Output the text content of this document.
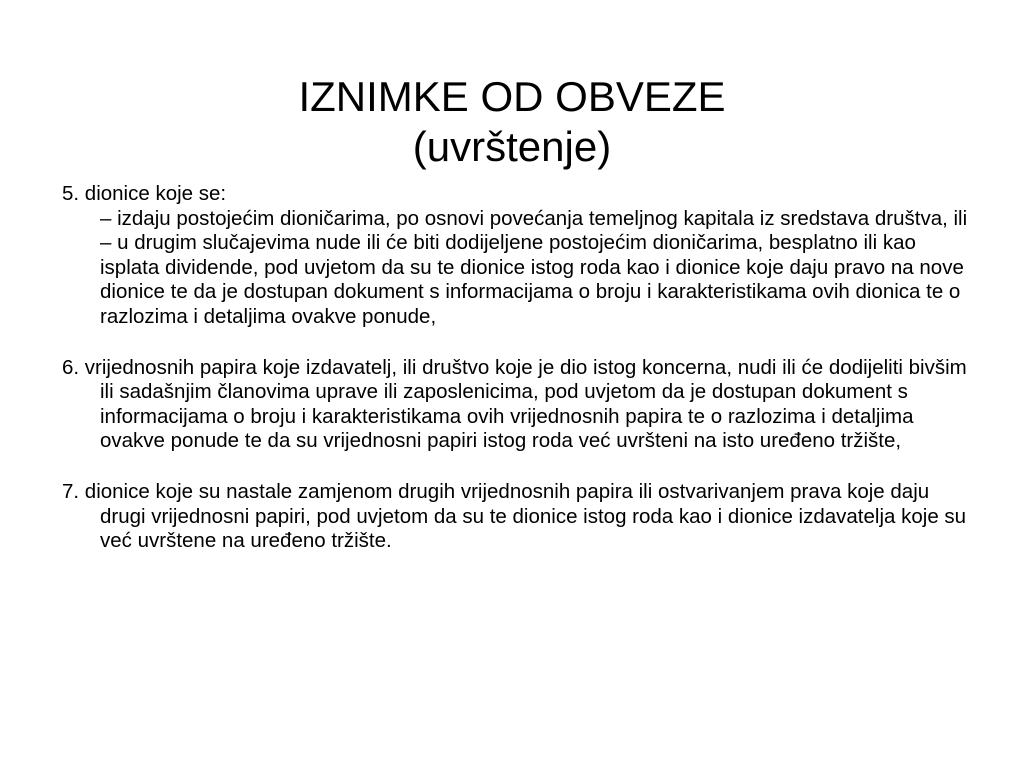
IZNIMKE OD OBVEZE
(uvrštenje)

5. dionice koje se:

– izdaju postojećim dioničarima, po osnovi povećanja temeljnog kapitala iz sredstava društva, ili

– u drugim slučajevima nude ili će biti dodijeljene postojećim dioničarima, besplatno ili kao isplata dividende, pod uvjetom da su te dionice istog roda kao i dionice koje daju pravo na nove dionice te da je dostupan dokument s informacijama o broju i karakteristikama ovih dionica te o razlozima i detaljima ovakve ponude,

6. vrijednosnih papira koje izdavatelj, ili društvo koje je dio istog koncerna, nudi ili će dodijeliti bivšim ili sadašnjim članovima uprave ili zaposlenicima, pod uvjetom da je dostupan dokument s informacijama o broju i karakteristikama ovih vrijednosnih papira te o razlozima i detaljima ovakve ponude te da su vrijednosni papiri istog roda već uvršteni na isto uređeno tržište,

7. dionice koje su nastale zamjenom drugih vrijednosnih papira ili ostvarivanjem prava koje daju drugi vrijednosni papiri, pod uvjetom da su te dionice istog roda kao i dionice izdavatelja koje su već uvrštene na uređeno tržište.
